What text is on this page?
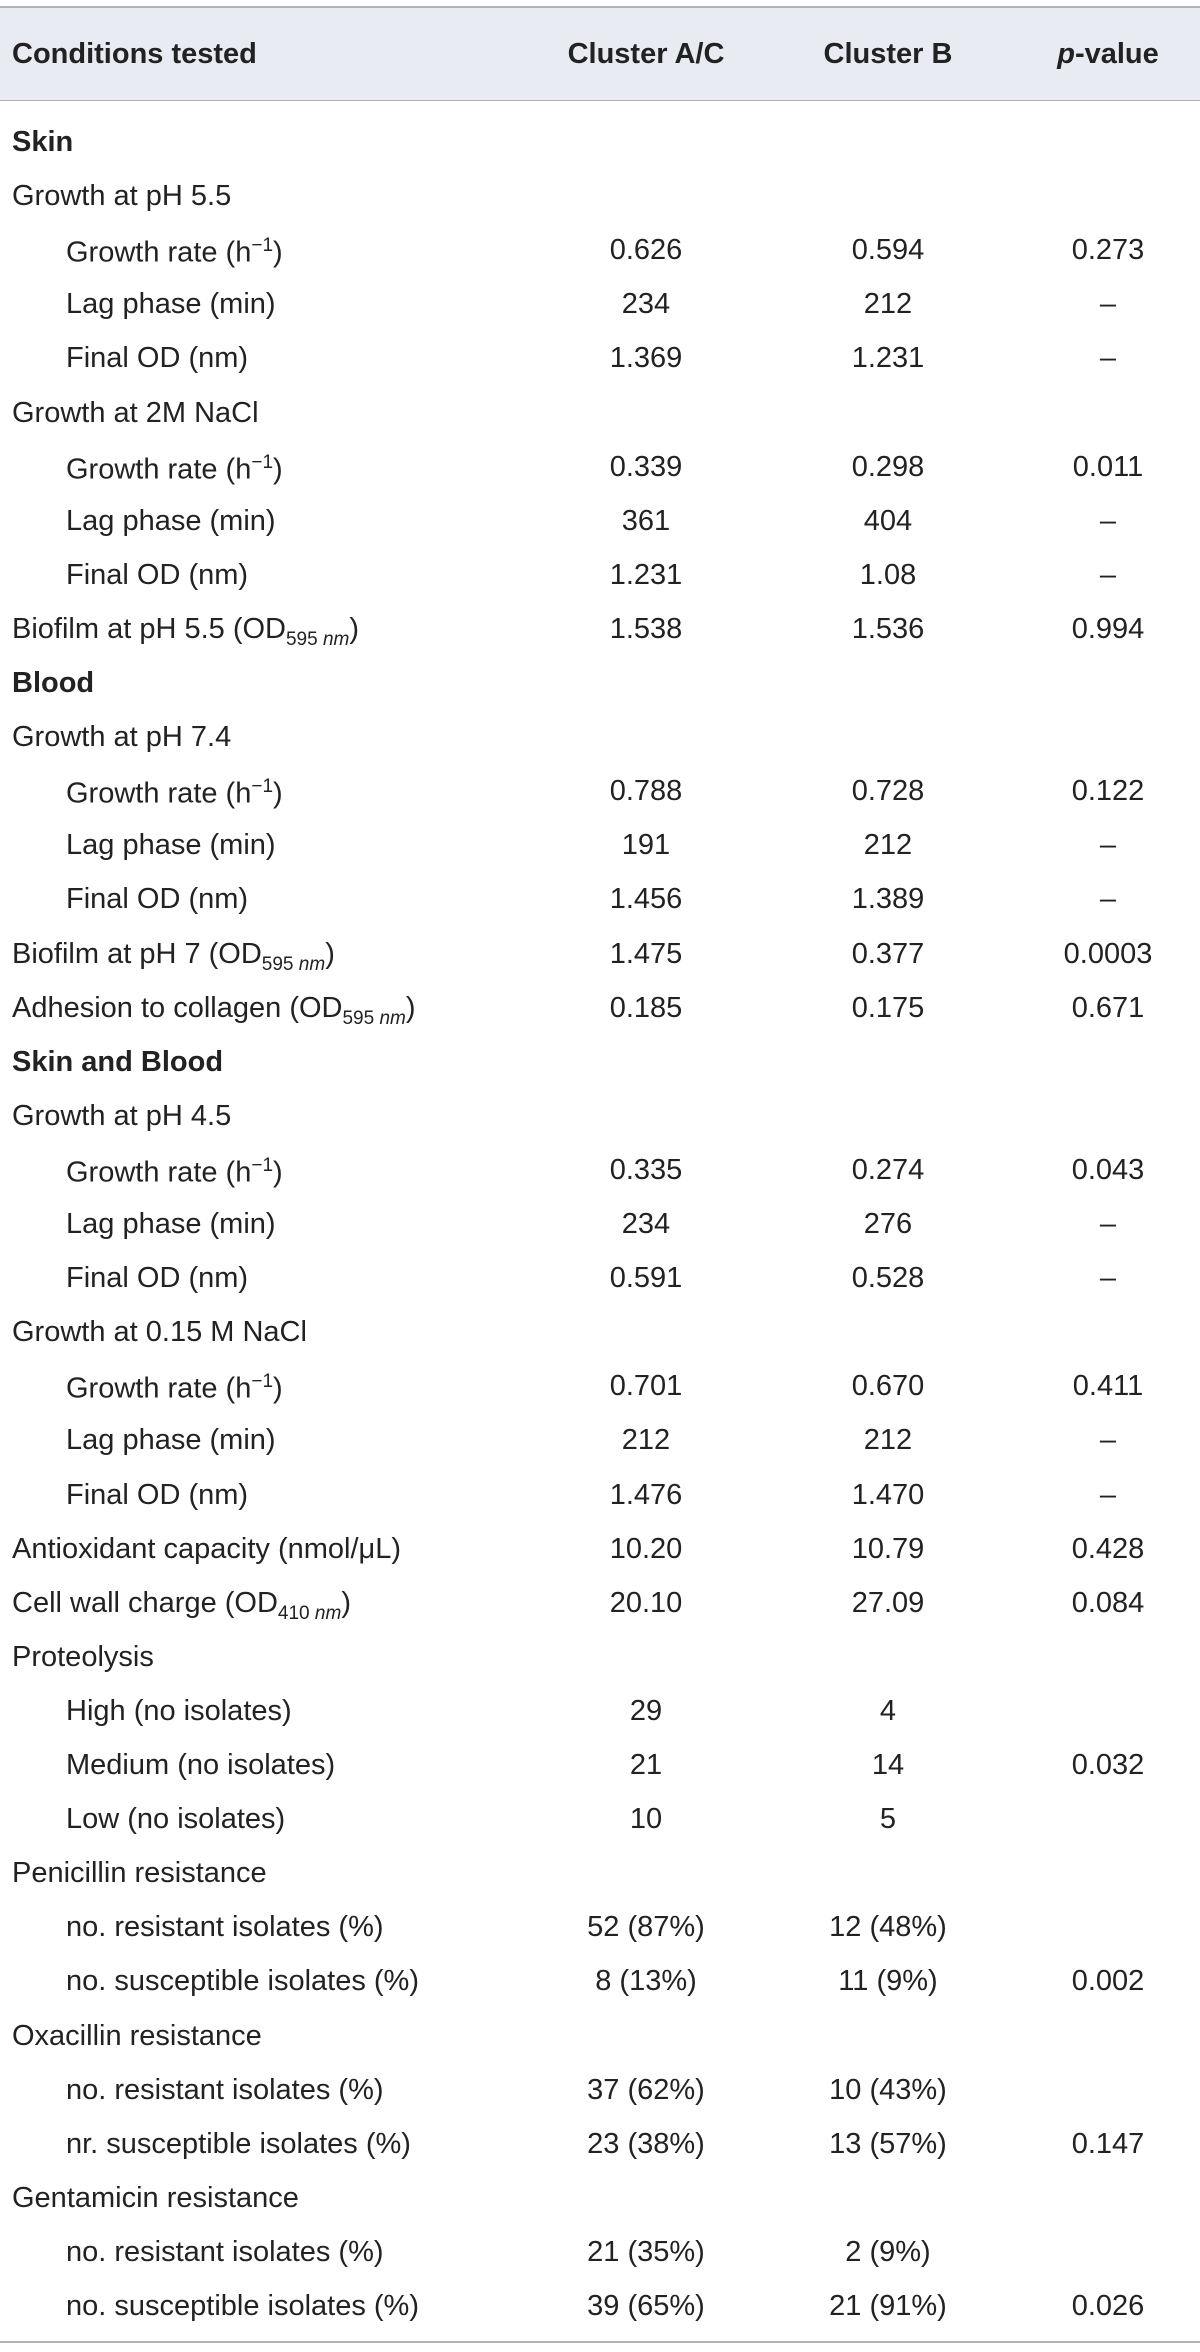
Conditions tested	Cluster A/C	Cluster B	p-value
Skin
Growth at pH 5.5
Growth rate $(h^{-1})$	0.626	0.594	0.273
Lag phase (min)	234	212	–
Final OD (nm)	1.369	1.231	–
Growth at 2M NaCl
Growth rate $(h^{-1})$	0.339	0.298	0.011
Lag phase (min)	361	404	–
Final OD (nm)	1.231	1.08	–
Biofilm at pH 5.5 $(OD_{595 nm})$	1.538	1.536	0.994
Blood
Growth at pH 7.4
Growth rate $(h^{-1})$	0.788	0.728	0.122
Lag phase (min)	191	212	–
Final OD (nm)	1.456	1.389	–
Biofilm at pH 7 $(OD_{595 nm})$	1.475	0.377	0.0003
Adhesion to collagen $(OD_{595 nm})$	0.185	0.175	0.671
Skin and Blood
Growth at pH 4.5
Growth rate $(h^{-1})$	0.335	0.274	0.043
Lag phase (min)	234	276	–
Final OD (nm)	0.591	0.528	–
Growth at 0.15 M NaCl
Growth rate $(h^{-1})$	0.701	0.670	0.411
Lag phase (min)	212	212	–
Final OD (nm)	1.476	1.470	–
Antioxidant capacity (nmol/μL)	10.20	10.79	0.428
Cell wall charge $(OD_{410 nm})$	20.10	27.09	0.084
Proteolysis
High (no isolates)	29	4
Medium (no isolates)	21	14	0.032
Low (no isolates)	10	5
Penicillin resistance
no. resistant isolates (%)	52 (87%)	12 (48%)
no. susceptible isolates (%)	8 (13%)	11 (9%)	0.002
Oxacillin resistance
no. resistant isolates (%)	37 (62%)	10 (43%)
nr. susceptible isolates (%)	23 (38%)	13 (57%)	0.147
Gentamicin resistance
no. resistant isolates (%)	21 (35%)	2 (9%)
no. susceptible isolates (%)	39 (65%)	21 (91%)	0.026
